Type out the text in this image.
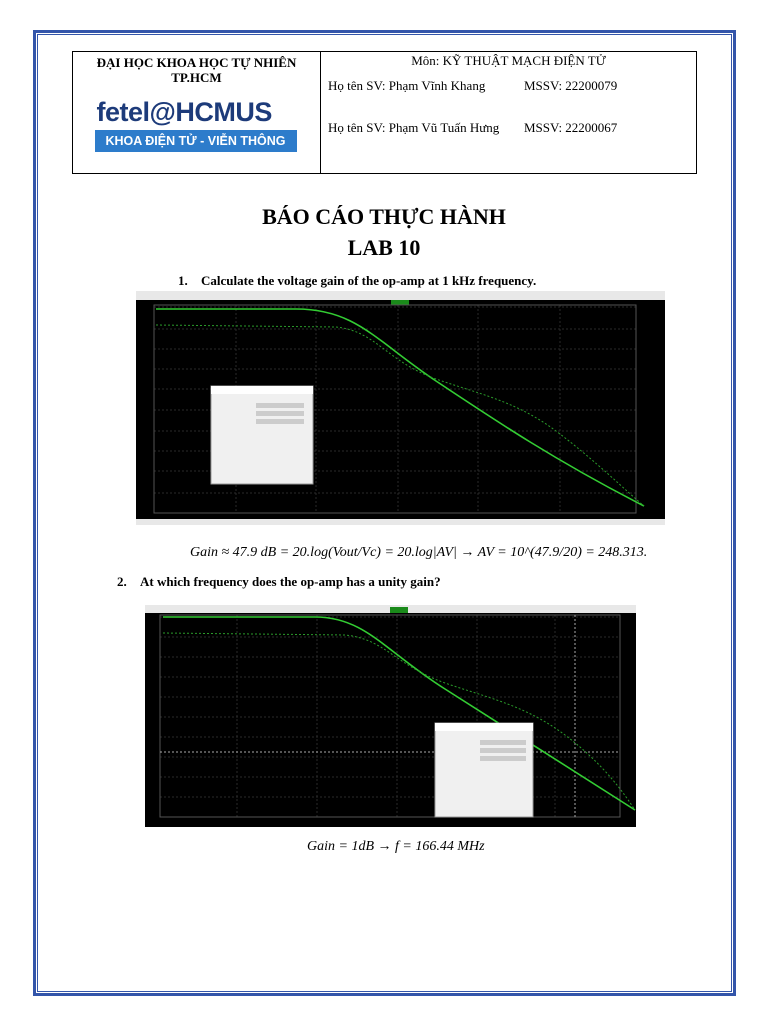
ĐẠI HỌC KHOA HỌC TỰ NHIÊN TP.HCM
fetel@HCMUS
KHOA ĐIỆN TỬ - VIỄN THÔNG
Môn: KỸ THUẬT MẠCH ĐIỆN TỬ
Họ tên SV: Phạm Vĩnh Khang	MSSV: 22200079
Họ tên SV: Phạm Vũ Tuấn Hưng	MSSV: 22200067
BÁO CÁO THỰC HÀNH
LAB 10
1. Calculate the voltage gain of the op-amp at 1 kHz frequency.
Gain ≈ 47.9 dB = 20.log(Vout/Vc) = 20.log|AV| → AV = 10^(47.9/20) = 248.313.
2. At which frequency does the op-amp has a unity gain?
Gain = 1dB → f = 166.44 MHz
